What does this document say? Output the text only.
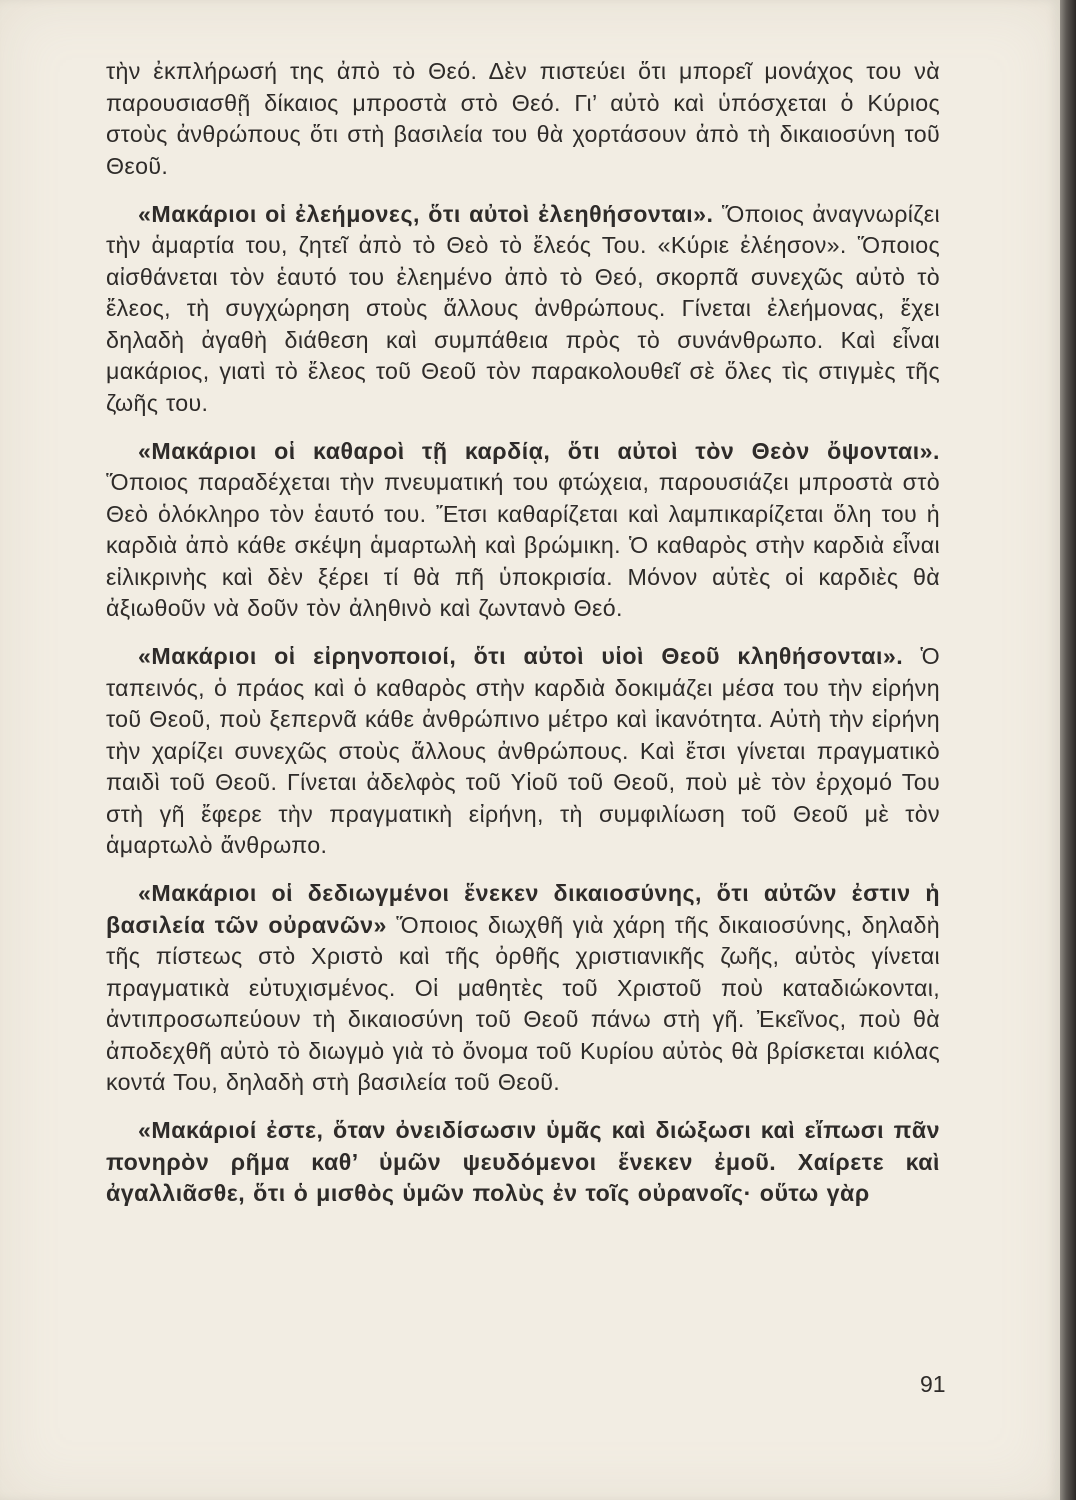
τὴν ἐκπλήρωσή της ἀπὸ τὸ Θεό. Δὲν πιστεύει ὅτι μπορεῖ μονάχος του νὰ παρουσιασθῇ δίκαιος μπροστὰ στὸ Θεό. Γι’ αὐτὸ καὶ ὑπόσχεται ὁ Κύριος στοὺς ἀνθρώπους ὅτι στὴ βασιλεία του θὰ χορτάσουν ἀπὸ τὴ δικαιοσύνη τοῦ Θεοῦ.

«Μακάριοι οἱ ἐλεήμονες, ὅτι αὐτοὶ ἐλεηθήσονται». Ὅποιος ἀναγνωρίζει τὴν ἁμαρτία του, ζητεῖ ἀπὸ τὸ Θεὸ τὸ ἔλεός Του. «Κύριε ἐλέησον». Ὅποιος αἰσθάνεται τὸν ἑαυτό του ἐλεημένο ἀπὸ τὸ Θεό, σκορπᾶ συνεχῶς αὐτὸ τὸ ἔλεος, τὴ συγχώρηση στοὺς ἄλλους ἀνθρώπους. Γίνεται ἐλεήμονας, ἔχει δηλαδὴ ἀγαθὴ διάθεση καὶ συμπάθεια πρὸς τὸ συνάνθρωπο. Καὶ εἶναι μακάριος, γιατὶ τὸ ἔλεος τοῦ Θεοῦ τὸν παρακολουθεῖ σὲ ὅλες τὶς στιγμὲς τῆς ζωῆς του.

«Μακάριοι οἱ καθαροὶ τῇ καρδίᾳ, ὅτι αὐτοὶ τὸν Θεὸν ὄψονται». Ὅποιος παραδέχεται τὴν πνευματική του φτώχεια, παρουσιάζει μπροστὰ στὸ Θεὸ ὁλόκληρο τὸν ἑαυτό του. Ἔτσι καθαρίζεται καὶ λαμπικαρίζεται ὅλη του ἡ καρδιὰ ἀπὸ κάθε σκέψη ἁμαρτωλὴ καὶ βρώμικη. Ὁ καθαρὸς στὴν καρδιὰ εἶναι εἰλικρινὴς καὶ δὲν ξέρει τί θὰ πῆ ὑποκρισία. Μόνον αὐτὲς οἱ καρδιὲς θὰ ἀξιωθοῦν νὰ δοῦν τὸν ἀληθινὸ καὶ ζωντανὸ Θεό.

«Μακάριοι οἱ εἰρηνοποιοί, ὅτι αὐτοὶ υἱοὶ Θεοῦ κληθήσονται». Ὁ ταπεινός, ὁ πράος καὶ ὁ καθαρὸς στὴν καρδιὰ δοκιμάζει μέσα του τὴν εἰρήνη τοῦ Θεοῦ, ποὺ ξεπερνᾶ κάθε ἀνθρώπινο μέτρο καὶ ἱκανότητα. Αὐτὴ τὴν εἰρήνη τὴν χαρίζει συνεχῶς στοὺς ἄλλους ἀνθρώπους. Καὶ ἔτσι γίνεται πραγματικὸ παιδὶ τοῦ Θεοῦ. Γίνεται ἀδελφὸς τοῦ Υἱοῦ τοῦ Θεοῦ, ποὺ μὲ τὸν ἐρχομό Του στὴ γῆ ἔφερε τὴν πραγματικὴ εἰρήνη, τὴ συμφιλίωση τοῦ Θεοῦ μὲ τὸν ἁμαρτωλὸ ἄνθρωπο.

«Μακάριοι οἱ δεδιωγμένοι ἕνεκεν δικαιοσύνης, ὅτι αὐτῶν ἐστιν ἡ βασιλεία τῶν οὐρανῶν» Ὅποιος διωχθῆ γιὰ χάρη τῆς δικαιοσύνης, δηλαδὴ τῆς πίστεως στὸ Χριστὸ καὶ τῆς ὀρθῆς χριστιανικῆς ζωῆς, αὐτὸς γίνεται πραγματικὰ εὐτυχισμένος. Οἱ μαθητὲς τοῦ Χριστοῦ ποὺ καταδιώκονται, ἀντιπροσωπεύουν τὴ δικαιοσύνη τοῦ Θεοῦ πάνω στὴ γῆ. Ἐκεῖνος, ποὺ θὰ ἀποδεχθῆ αὐτὸ τὸ διωγμὸ γιὰ τὸ ὄνομα τοῦ Κυρίου αὐτὸς θὰ βρίσκεται κιόλας κοντά Του, δηλαδὴ στὴ βασιλεία τοῦ Θεοῦ.

«Μακάριοί ἐστε, ὅταν ὀνειδίσωσιν ὑμᾶς καὶ διώξωσι καὶ εἴπωσι πᾶν πονηρὸν ρῆμα καθ’ ὑμῶν ψευδόμενοι ἕνεκεν ἐμοῦ. Χαίρετε καὶ ἀγαλλιᾶσθε, ὅτι ὁ μισθὸς ὑμῶν πολὺς ἐν τοῖς οὐρανοῖς· οὕτω γὰρ

91
